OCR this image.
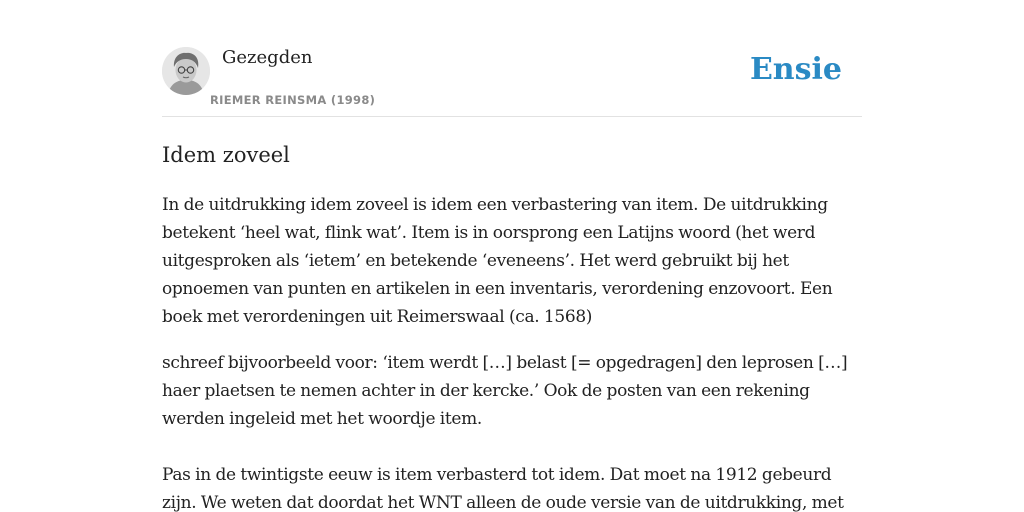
Gezegden
RIEMER REINSMA (1998)
Ensie
Idem zoveel

In de uitdrukking idem zoveel is idem een verbastering van item. De uitdrukking
betekent ‘heel wat, flink wat’. Item is in oorsprong een Latijns woord (het werd
uitgesproken als ‘ietem’ en betekende ‘eveneens’. Het werd gebruikt bij het
opnoemen van punten en artikelen in een inventaris, verordening enzovoort. Een
boek met verordeningen uit Reimerswaal (ca. 1568)

schreef bijvoorbeeld voor: ‘item werdt […] belast [= opgedragen] den leprosen […]
haer plaetsen te nemen achter in der kercke.’ Ook de posten van een rekening
werden ingeleid met het woordje item.

Pas in de twintigste eeuw is item verbasterd tot idem. Dat moet na 1912 gebeurd
zijn. We weten dat doordat het WNT alleen de oude versie van de uitdrukking, met
